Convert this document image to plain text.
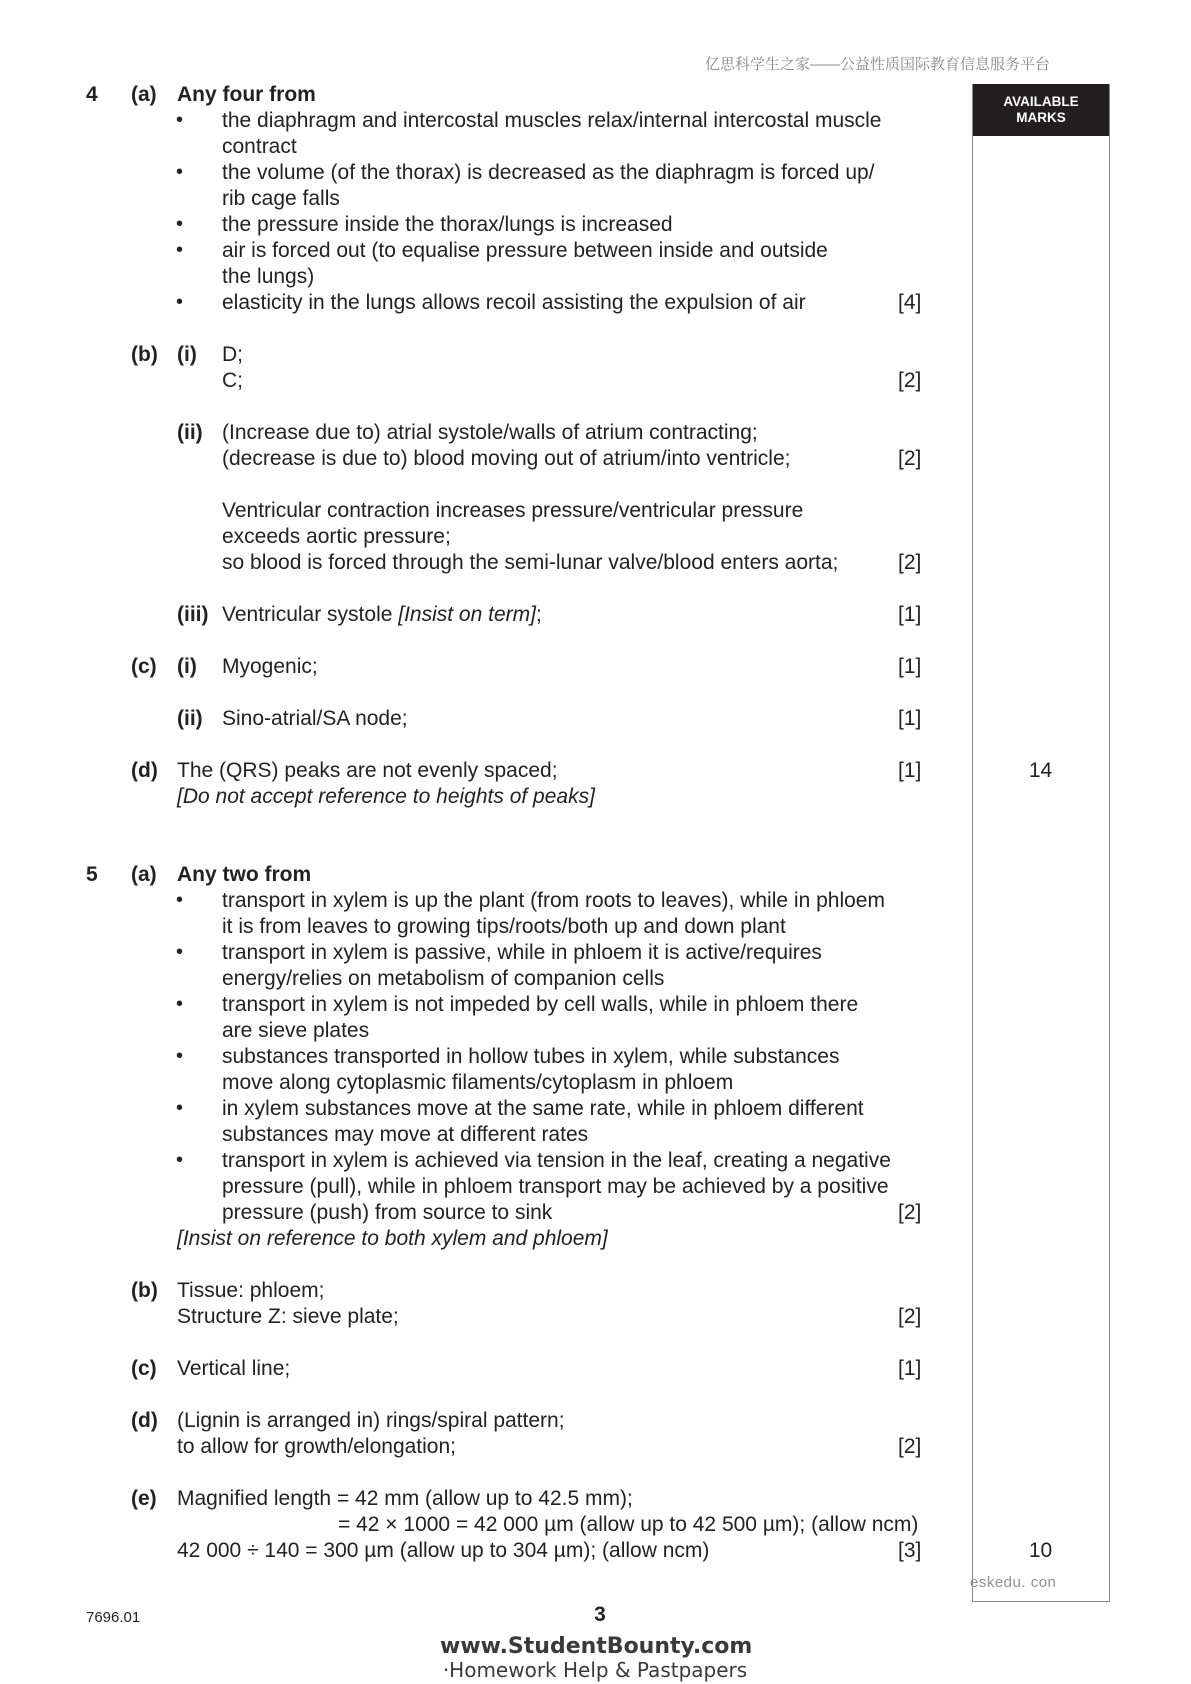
亿思科学生之家——公益性质国际教育信息服务平台
AVAILABLE
MARKS
4 (a) Any four from
• the diaphragm and intercostal muscles relax/internal intercostal muscle
contract
• the volume (of the thorax) is decreased as the diaphragm is forced up/
rib cage falls
• the pressure inside the thorax/lungs is increased
• air is forced out (to equalise pressure between inside and outside
the lungs)
• elasticity in the lungs allows recoil assisting the expulsion of air	[4]
(b) (i) D;
C;	[2]
(ii) (Increase due to) atrial systole/walls of atrium contracting;
(decrease is due to) blood moving out of atrium/into ventricle;	[2]
Ventricular contraction increases pressure/ventricular pressure
exceeds aortic pressure;
so blood is forced through the semi-lunar valve/blood enters aorta;	[2]
(iii) Ventricular systole [Insist on term];	[1]
(c) (i) Myogenic;	[1]
(ii) Sino-atrial/SA node;	[1]
(d) The (QRS) peaks are not evenly spaced;	[1]	14
[Do not accept reference to heights of peaks]
5 (a) Any two from
• transport in xylem is up the plant (from roots to leaves), while in phloem
it is from leaves to growing tips/roots/both up and down plant
• transport in xylem is passive, while in phloem it is active/requires
energy/relies on metabolism of companion cells
• transport in xylem is not impeded by cell walls, while in phloem there
are sieve plates
• substances transported in hollow tubes in xylem, while substances
move along cytoplasmic filaments/cytoplasm in phloem
• in xylem substances move at the same rate, while in phloem different
substances may move at different rates
• transport in xylem is achieved via tension in the leaf, creating a negative
pressure (pull), while in phloem transport may be achieved by a positive
pressure (push) from source to sink	[2]
[Insist on reference to both xylem and phloem]
(b) Tissue: phloem;
Structure Z: sieve plate;	[2]
(c) Vertical line;	[1]
(d) (Lignin is arranged in) rings/spiral pattern;
to allow for growth/elongation;	[2]
(e) Magnified length = 42 mm (allow up to 42.5 mm);
= 42 × 1000 = 42 000 µm (allow up to 42 500 µm); (allow ncm)
42 000 ÷ 140 = 300 µm (allow up to 304 µm); (allow ncm)	[3]	10
eskedu. con
7696.01	3
www.StudentBounty.com
·Homework Help & Pastpapers
